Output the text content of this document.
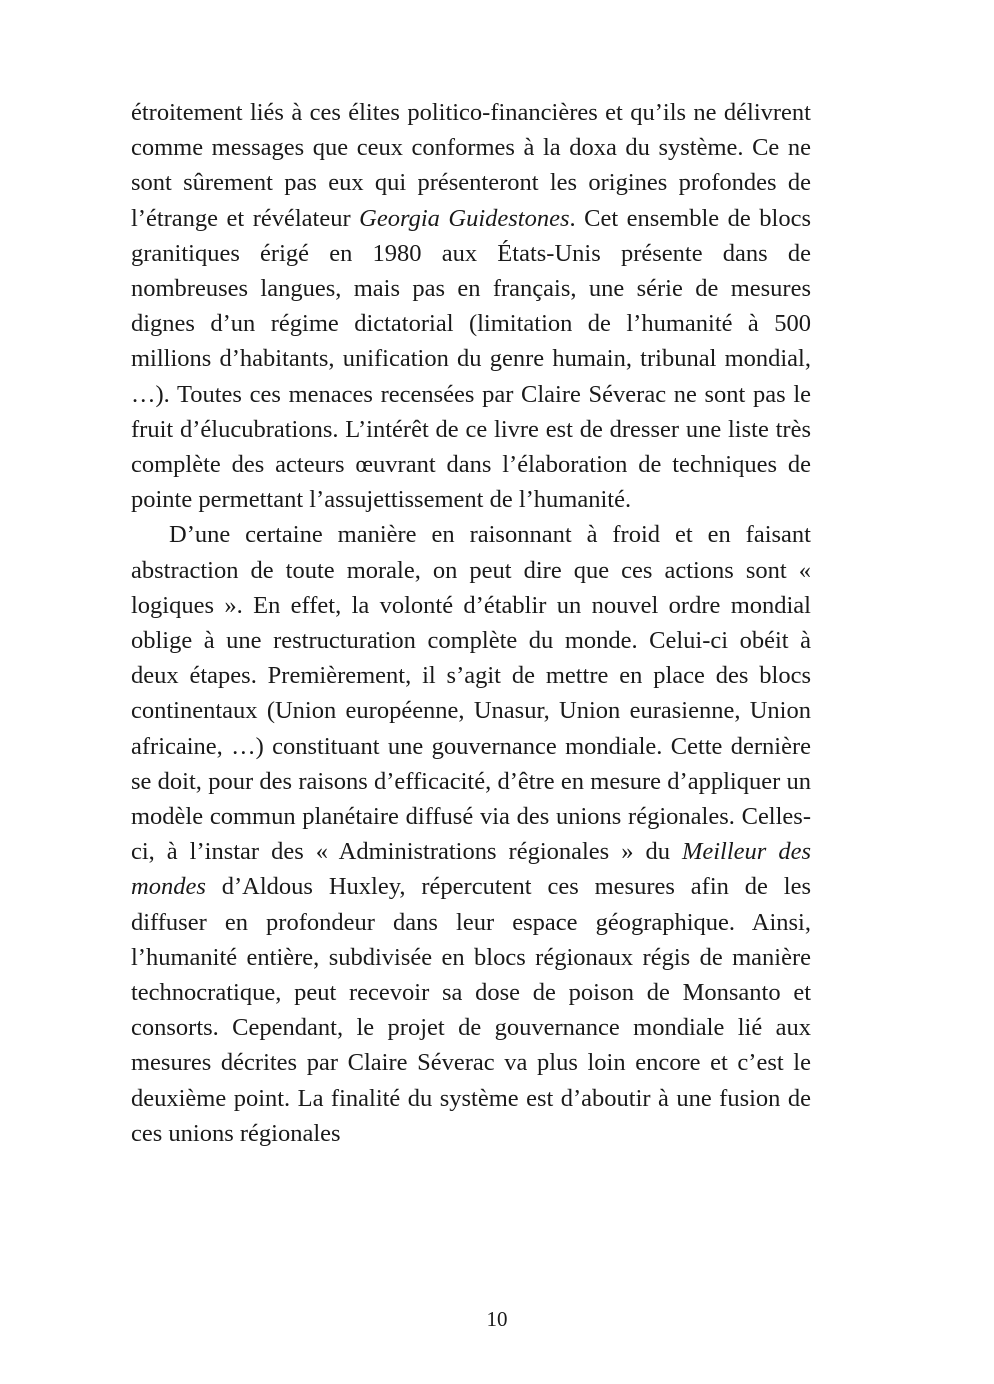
étroitement liés à ces élites politico-financières et qu’ils ne délivrent comme messages que ceux conformes à la doxa du système. Ce ne sont sûrement pas eux qui présenteront les origines profondes de l’étrange et révélateur Georgia Guidestones. Cet ensemble de blocs granitiques érigé en 1980 aux États-Unis présente dans de nombreuses langues, mais pas en français, une série de mesures dignes d’un régime dictatorial (limitation de l’humanité à 500 millions d’habitants, unification du genre humain, tribunal mondial, …). Toutes ces menaces recensées par Claire Séverac ne sont pas le fruit d’élucubrations. L’intérêt de ce livre est de dresser une liste très complète des acteurs œuvrant dans l’élaboration de techniques de pointe permettant l’assujettissement de l’humanité.

D’une certaine manière en raisonnant à froid et en faisant abstraction de toute morale, on peut dire que ces actions sont « logiques ». En effet, la volonté d’établir un nouvel ordre mondial oblige à une restructuration complète du monde. Celui-ci obéit à deux étapes. Premièrement, il s’agit de mettre en place des blocs continentaux (Union européenne, Unasur, Union eurasienne, Union africaine, …) constituant une gouvernance mondiale. Cette dernière se doit, pour des raisons d’efficacité, d’être en mesure d’appliquer un modèle commun planétaire diffusé via des unions régionales. Celles-ci, à l’instar des « Administrations régionales » du Meilleur des mondes d’Aldous Huxley, répercutent ces mesures afin de les diffuser en profondeur dans leur espace géographique. Ainsi, l’humanité entière, subdivisée en blocs régionaux régis de manière technocratique, peut recevoir sa dose de poison de Monsanto et consorts. Cependant, le projet de gouvernance mondiale lié aux mesures décrites par Claire Séverac va plus loin encore et c’est le deuxième point. La finalité du système est d’aboutir à une fusion de ces unions régionales

10
